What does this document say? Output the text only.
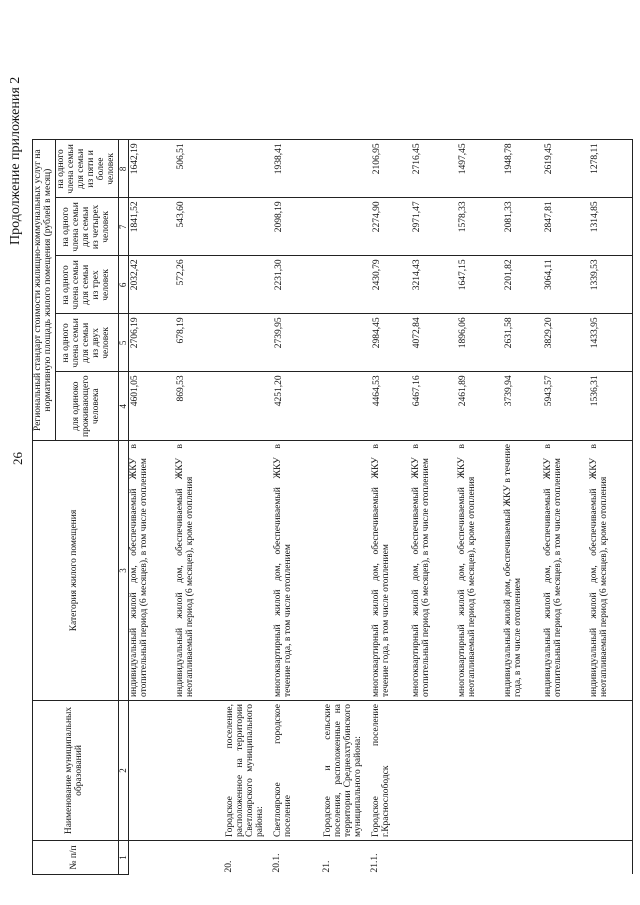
26
Продолжение приложения 2
№ п/п	Наименование муниципальных образований	Категория жилого помещения	Региональный стандарт стоимости жилищно-коммунальных услуг на нормативную площадь жилого помещения (рублей в месяц)				
			для одиноко проживающего человека	на одного члена семьи для семьи из двух человек	на одного члена семьи для семьи из трех человек	на одного члена семьи для семьи из четырех человек	на одного члена семьи для семьи из пяти и более человек
1	2	3	4	5	6	7	8
		индивидуальный жилой дом, обеспечиваемый ЖКУ в отопительный период (6 месяцев), в том числе отоплением	4601,05	2706,19	2032,42	1841,52	1642,19
		индивидуальный жилой дом, обеспечиваемый ЖКУ в неотапливаемый период (6 месяцев), кроме отопления	869,53	678,19	572,26	543,60	506,51
20.	Городское поселение, расположенное на территории Светлоярского муниципального района:						
20.1.	Светлоярское городское поселение	многоквартирный жилой дом, обеспечиваемый ЖКУ в течение года, в том числе отоплением	4251,20	2739,95	2231,30	2098,19	1938,41
21.	Городское и сельские поселения, расположенные на территории Среднеахтубинского муниципального района:						
21.1.	Городское поселение г.Краснослободск	многоквартирный жилой дом, обеспечиваемый ЖКУ в течение года, в том числе отоплением	4464,53	2984,45	2430,79	2274,90	2106,95
		многоквартирный жилой дом, обеспечиваемый ЖКУ в отопительный период (6 месяцев), в том числе отоплением	6467,16	4072,84	3214,43	2971,47	2716,45
		многоквартирный жилой дом, обеспечиваемый ЖКУ в неотапливаемый период (6 месяцев), кроме отопления	2461,89	1896,06	1647,15	1578,33	1497,45
		индивидуальный жилой дом, обеспечиваемый ЖКУ в течение года, в том числе отоплением	3739,94	2631,58	2201,82	2081,33	1948,78
		индивидуальный жилой дом, обеспечиваемый ЖКУ в отопительный период (6 месяцев), в том числе отоплением	5943,57	3829,20	3064,11	2847,81	2619,45
		индивидуальный жилой дом, обеспечиваемый ЖКУ в неотапливаемый период (6 месяцев), кроме отопления	1536,31	1433,95	1339,53	1314,85	1278,11
